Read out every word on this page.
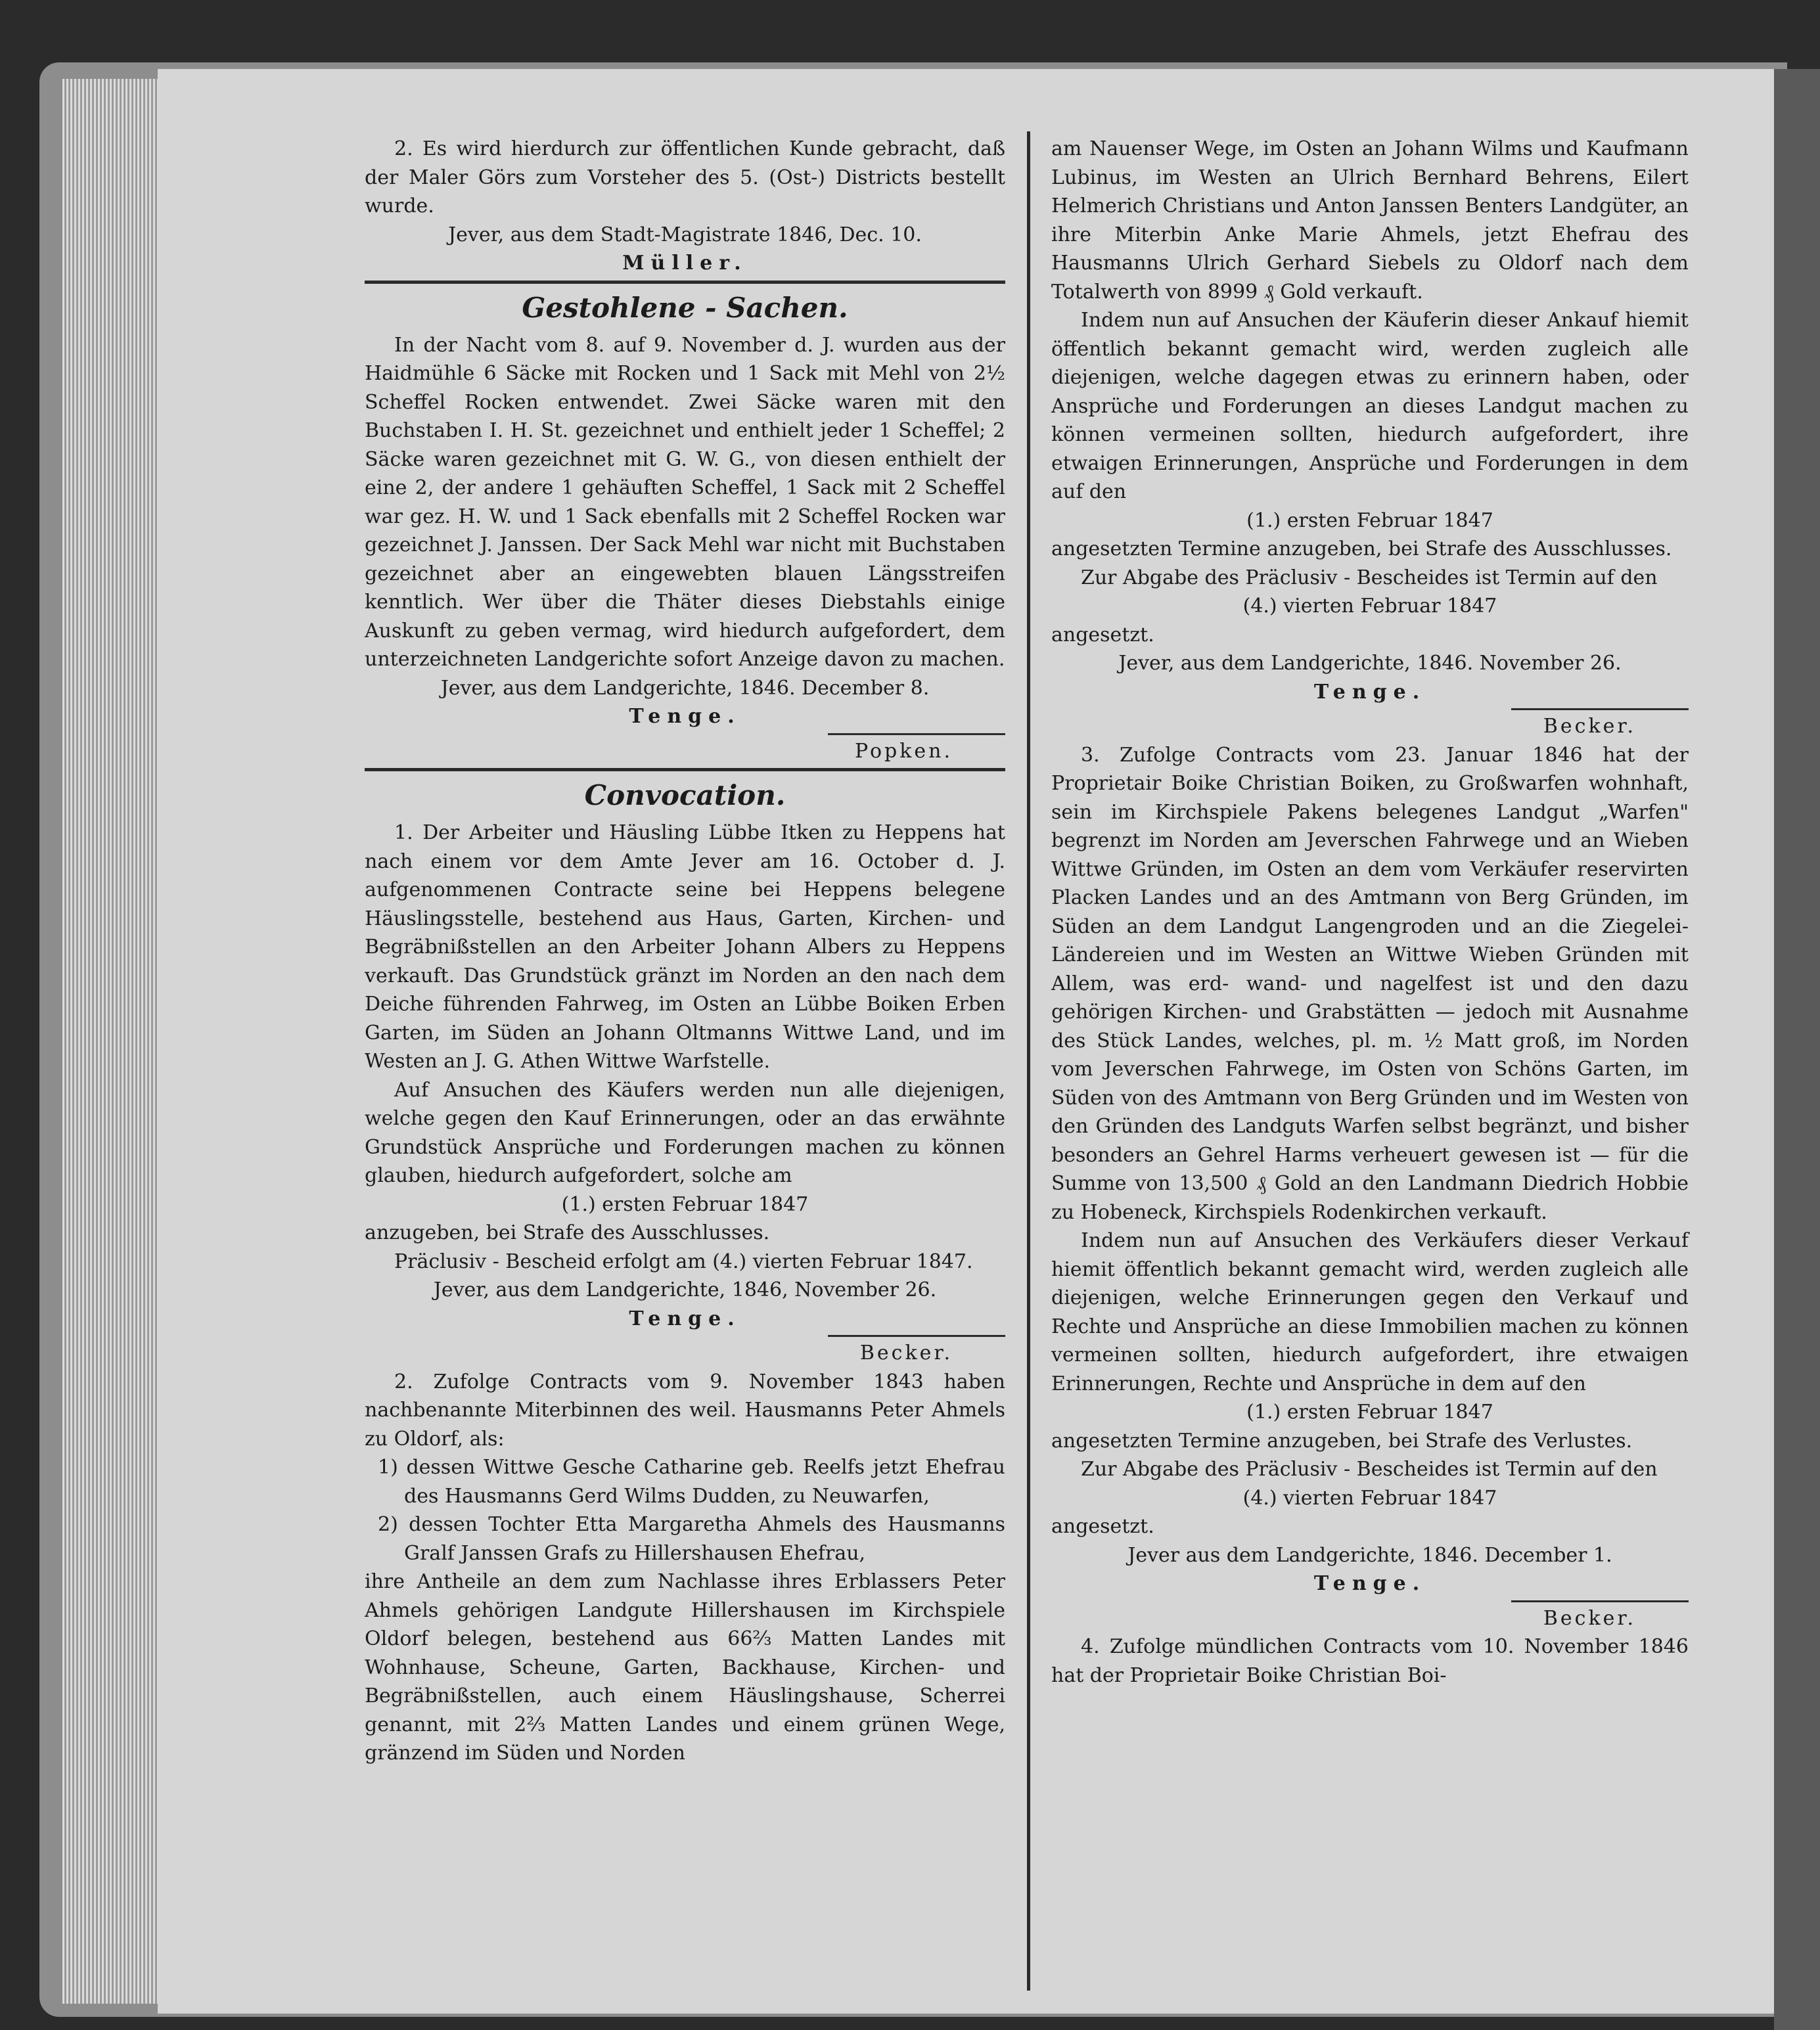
2. Es wird hierdurch zur öffentlichen Kunde gebracht, daß der Maler Görs zum Vorsteher des 5. (Ost-) Districts bestellt wurde.

Jever, aus dem Stadt-Magistrate 1846, Dec. 10.

Müller.

Gestohlene - Sachen.

In der Nacht vom 8. auf 9. November d. J. wurden aus der Haidmühle 6 Säcke mit Rocken und 1 Sack mit Mehl von 2½ Scheffel Rocken entwendet. Zwei Säcke waren mit den Buchstaben I. H. St. gezeichnet und enthielt jeder 1 Scheffel; 2 Säcke waren gezeichnet mit G. W. G., von diesen enthielt der eine 2, der andere 1 gehäuften Scheffel, 1 Sack mit 2 Scheffel war gez. H. W. und 1 Sack ebenfalls mit 2 Scheffel Rocken war gezeichnet J. Janssen. Der Sack Mehl war nicht mit Buchstaben gezeichnet aber an eingewebten blauen Längsstreifen kenntlich. Wer über die Thäter dieses Diebstahls einige Auskunft zu geben vermag, wird hiedurch aufgefordert, dem unterzeichneten Landgerichte sofort Anzeige davon zu machen.

Jever, aus dem Landgerichte, 1846. December 8.

Tenge.

Popken.

Convocation.

1. Der Arbeiter und Häusling Lübbe Itken zu Heppens hat nach einem vor dem Amte Jever am 16. October d. J. aufgenommenen Contracte seine bei Heppens belegene Häuslingsstelle, bestehend aus Haus, Garten, Kirchen- und Begräbnißstellen an den Arbeiter Johann Albers zu Heppens verkauft. Das Grundstück gränzt im Norden an den nach dem Deiche führenden Fahrweg, im Osten an Lübbe Boiken Erben Garten, im Süden an Johann Oltmanns Wittwe Land, und im Westen an J. G. Athen Wittwe Warfstelle.

Auf Ansuchen des Käufers werden nun alle diejenigen, welche gegen den Kauf Erinnerungen, oder an das erwähnte Grundstück Ansprüche und Forderungen machen zu können glauben, hiedurch aufgefordert, solche am

(1.) ersten Februar 1847

anzugeben, bei Strafe des Ausschlusses.

Präclusiv - Bescheid erfolgt am (4.) vierten Februar 1847.

Jever, aus dem Landgerichte, 1846, November 26.

Tenge.

Becker.

2. Zufolge Contracts vom 9. November 1843 haben nachbenannte Miterbinnen des weil. Hausmanns Peter Ahmels zu Oldorf, als:

1) dessen Wittwe Gesche Catharine geb. Reelfs jetzt Ehefrau des Hausmanns Gerd Wilms Dudden, zu Neuwarfen,

2) dessen Tochter Etta Margaretha Ahmels des Hausmanns Gralf Janssen Grafs zu Hillershausen Ehefrau,

ihre Antheile an dem zum Nachlasse ihres Erblassers Peter Ahmels gehörigen Landgute Hillershausen im Kirchspiele Oldorf belegen, bestehend aus 66⅔ Matten Landes mit Wohnhause, Scheune, Garten, Backhause, Kirchen- und Begräbnißstellen, auch einem Häuslingshause, Scherrei genannt, mit 2⅔ Matten Landes und einem grünen Wege, gränzend im Süden und Norden

am Nauenser Wege, im Osten an Johann Wilms und Kaufmann Lubinus, im Westen an Ulrich Bernhard Behrens, Eilert Helmerich Christians und Anton Janssen Benters Landgüter, an ihre Miterbin Anke Marie Ahmels, jetzt Ehefrau des Hausmanns Ulrich Gerhard Siebels zu Oldorf nach dem Totalwerth von 8999 ₰ Gold verkauft.

Indem nun auf Ansuchen der Käuferin dieser Ankauf hiemit öffentlich bekannt gemacht wird, werden zugleich alle diejenigen, welche dagegen etwas zu erinnern haben, oder Ansprüche und Forderungen an dieses Landgut machen zu können vermeinen sollten, hiedurch aufgefordert, ihre etwaigen Erinnerungen, Ansprüche und Forderungen in dem auf den

(1.) ersten Februar 1847

angesetzten Termine anzugeben, bei Strafe des Ausschlusses.

Zur Abgabe des Präclusiv - Bescheides ist Termin auf den

(4.) vierten Februar 1847

angesetzt.

Jever, aus dem Landgerichte, 1846. November 26.

Tenge.

Becker.

3. Zufolge Contracts vom 23. Januar 1846 hat der Proprietair Boike Christian Boiken, zu Großwarfen wohnhaft, sein im Kirchspiele Pakens belegenes Landgut „Warfen" begrenzt im Norden am Jeverschen Fahrwege und an Wieben Wittwe Gründen, im Osten an dem vom Verkäufer reservirten Placken Landes und an des Amtmann von Berg Gründen, im Süden an dem Landgut Langengroden und an die Ziegelei-Ländereien und im Westen an Wittwe Wieben Gründen mit Allem, was erd- wand- und nagelfest ist und den dazu gehörigen Kirchen- und Grabstätten — jedoch mit Ausnahme des Stück Landes, welches, pl. m. ½ Matt groß, im Norden vom Jeverschen Fahrwege, im Osten von Schöns Garten, im Süden von des Amtmann von Berg Gründen und im Westen von den Gründen des Landguts Warfen selbst begränzt, und bisher besonders an Gehrel Harms verheuert gewesen ist — für die Summe von 13,500 ₰ Gold an den Landmann Diedrich Hobbie zu Hobeneck, Kirchspiels Rodenkirchen verkauft.

Indem nun auf Ansuchen des Verkäufers dieser Verkauf hiemit öffentlich bekannt gemacht wird, werden zugleich alle diejenigen, welche Erinnerungen gegen den Verkauf und Rechte und Ansprüche an diese Immobilien machen zu können vermeinen sollten, hiedurch aufgefordert, ihre etwaigen Erinnerungen, Rechte und Ansprüche in dem auf den

(1.) ersten Februar 1847

angesetzten Termine anzugeben, bei Strafe des Verlustes.

Zur Abgabe des Präclusiv - Bescheides ist Termin auf den

(4.) vierten Februar 1847

angesetzt.

Jever aus dem Landgerichte, 1846. December 1.

Tenge.

Becker.

4. Zufolge mündlichen Contracts vom 10. November 1846 hat der Proprietair Boike Christian Boi-
